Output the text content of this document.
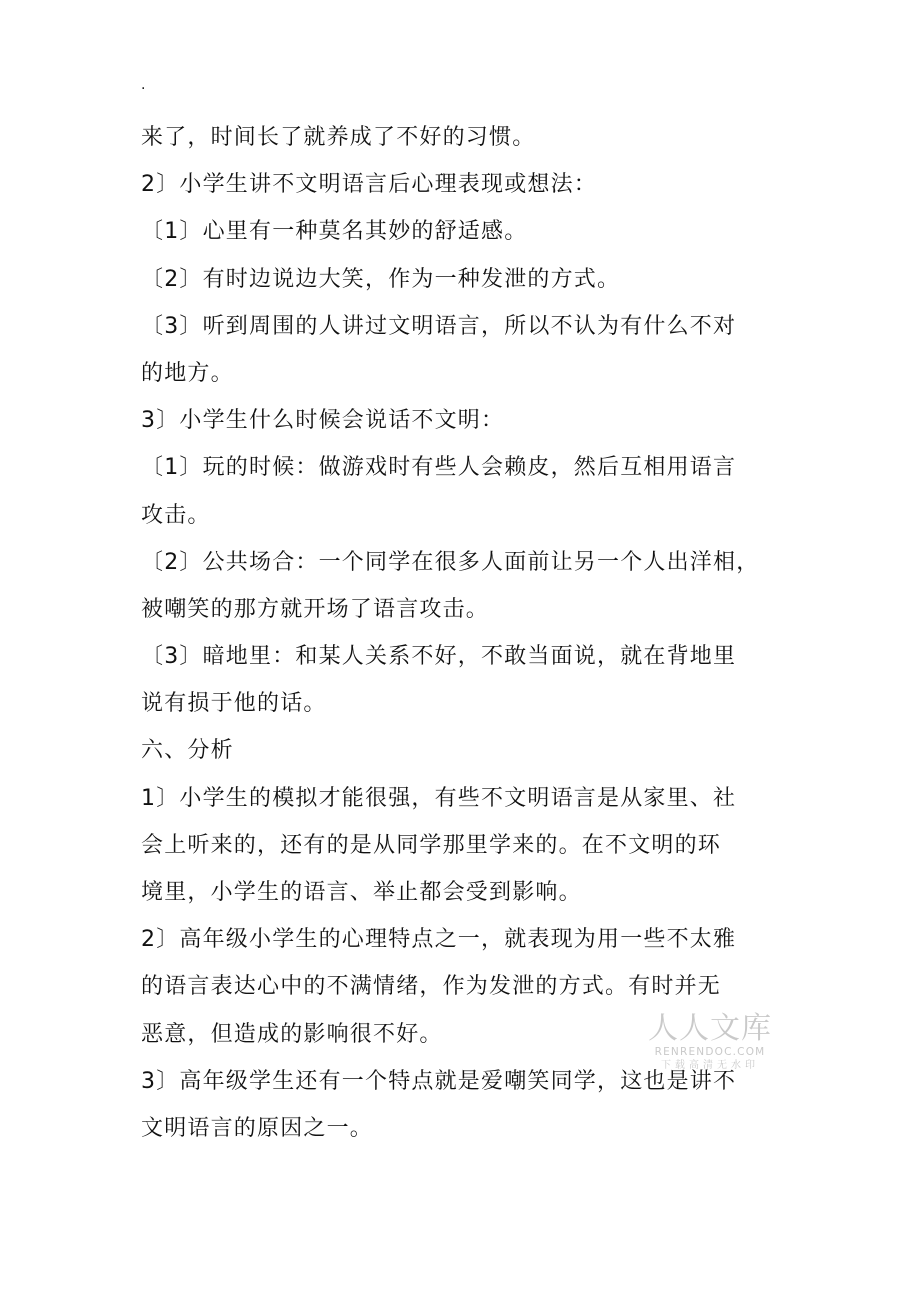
.
来了，时间长了就养成了不好的习惯。
2〕小学生讲不文明语言后心理表现或想法：
〔1〕心里有一种莫名其妙的舒适感。
〔2〕有时边说边大笑，作为一种发泄的方式。
〔3〕听到周围的人讲过文明语言，所以不认为有什么不对
的地方。
3〕小学生什么时候会说话不文明：
〔1〕玩的时候：做游戏时有些人会赖皮，然后互相用语言
攻击。
〔2〕公共场合：一个同学在很多人面前让另一个人出洋相，
被嘲笑的那方就开场了语言攻击。
〔3〕暗地里：和某人关系不好，不敢当面说，就在背地里
说有损于他的话。
六、分析
1〕小学生的模拟才能很强，有些不文明语言是从家里、社
会上听来的，还有的是从同学那里学来的。在不文明的环
境里，小学生的语言、举止都会受到影响。
2〕高年级小学生的心理特点之一，就表现为用一些不太雅
的语言表达心中的不满情绪，作为发泄的方式。有时并无
恶意，但造成的影响很不好。
3〕高年级学生还有一个特点就是爱嘲笑同学，这也是讲不
文明语言的原因之一。
人人文库
RENRENDOC.COM
下载高清无水印
